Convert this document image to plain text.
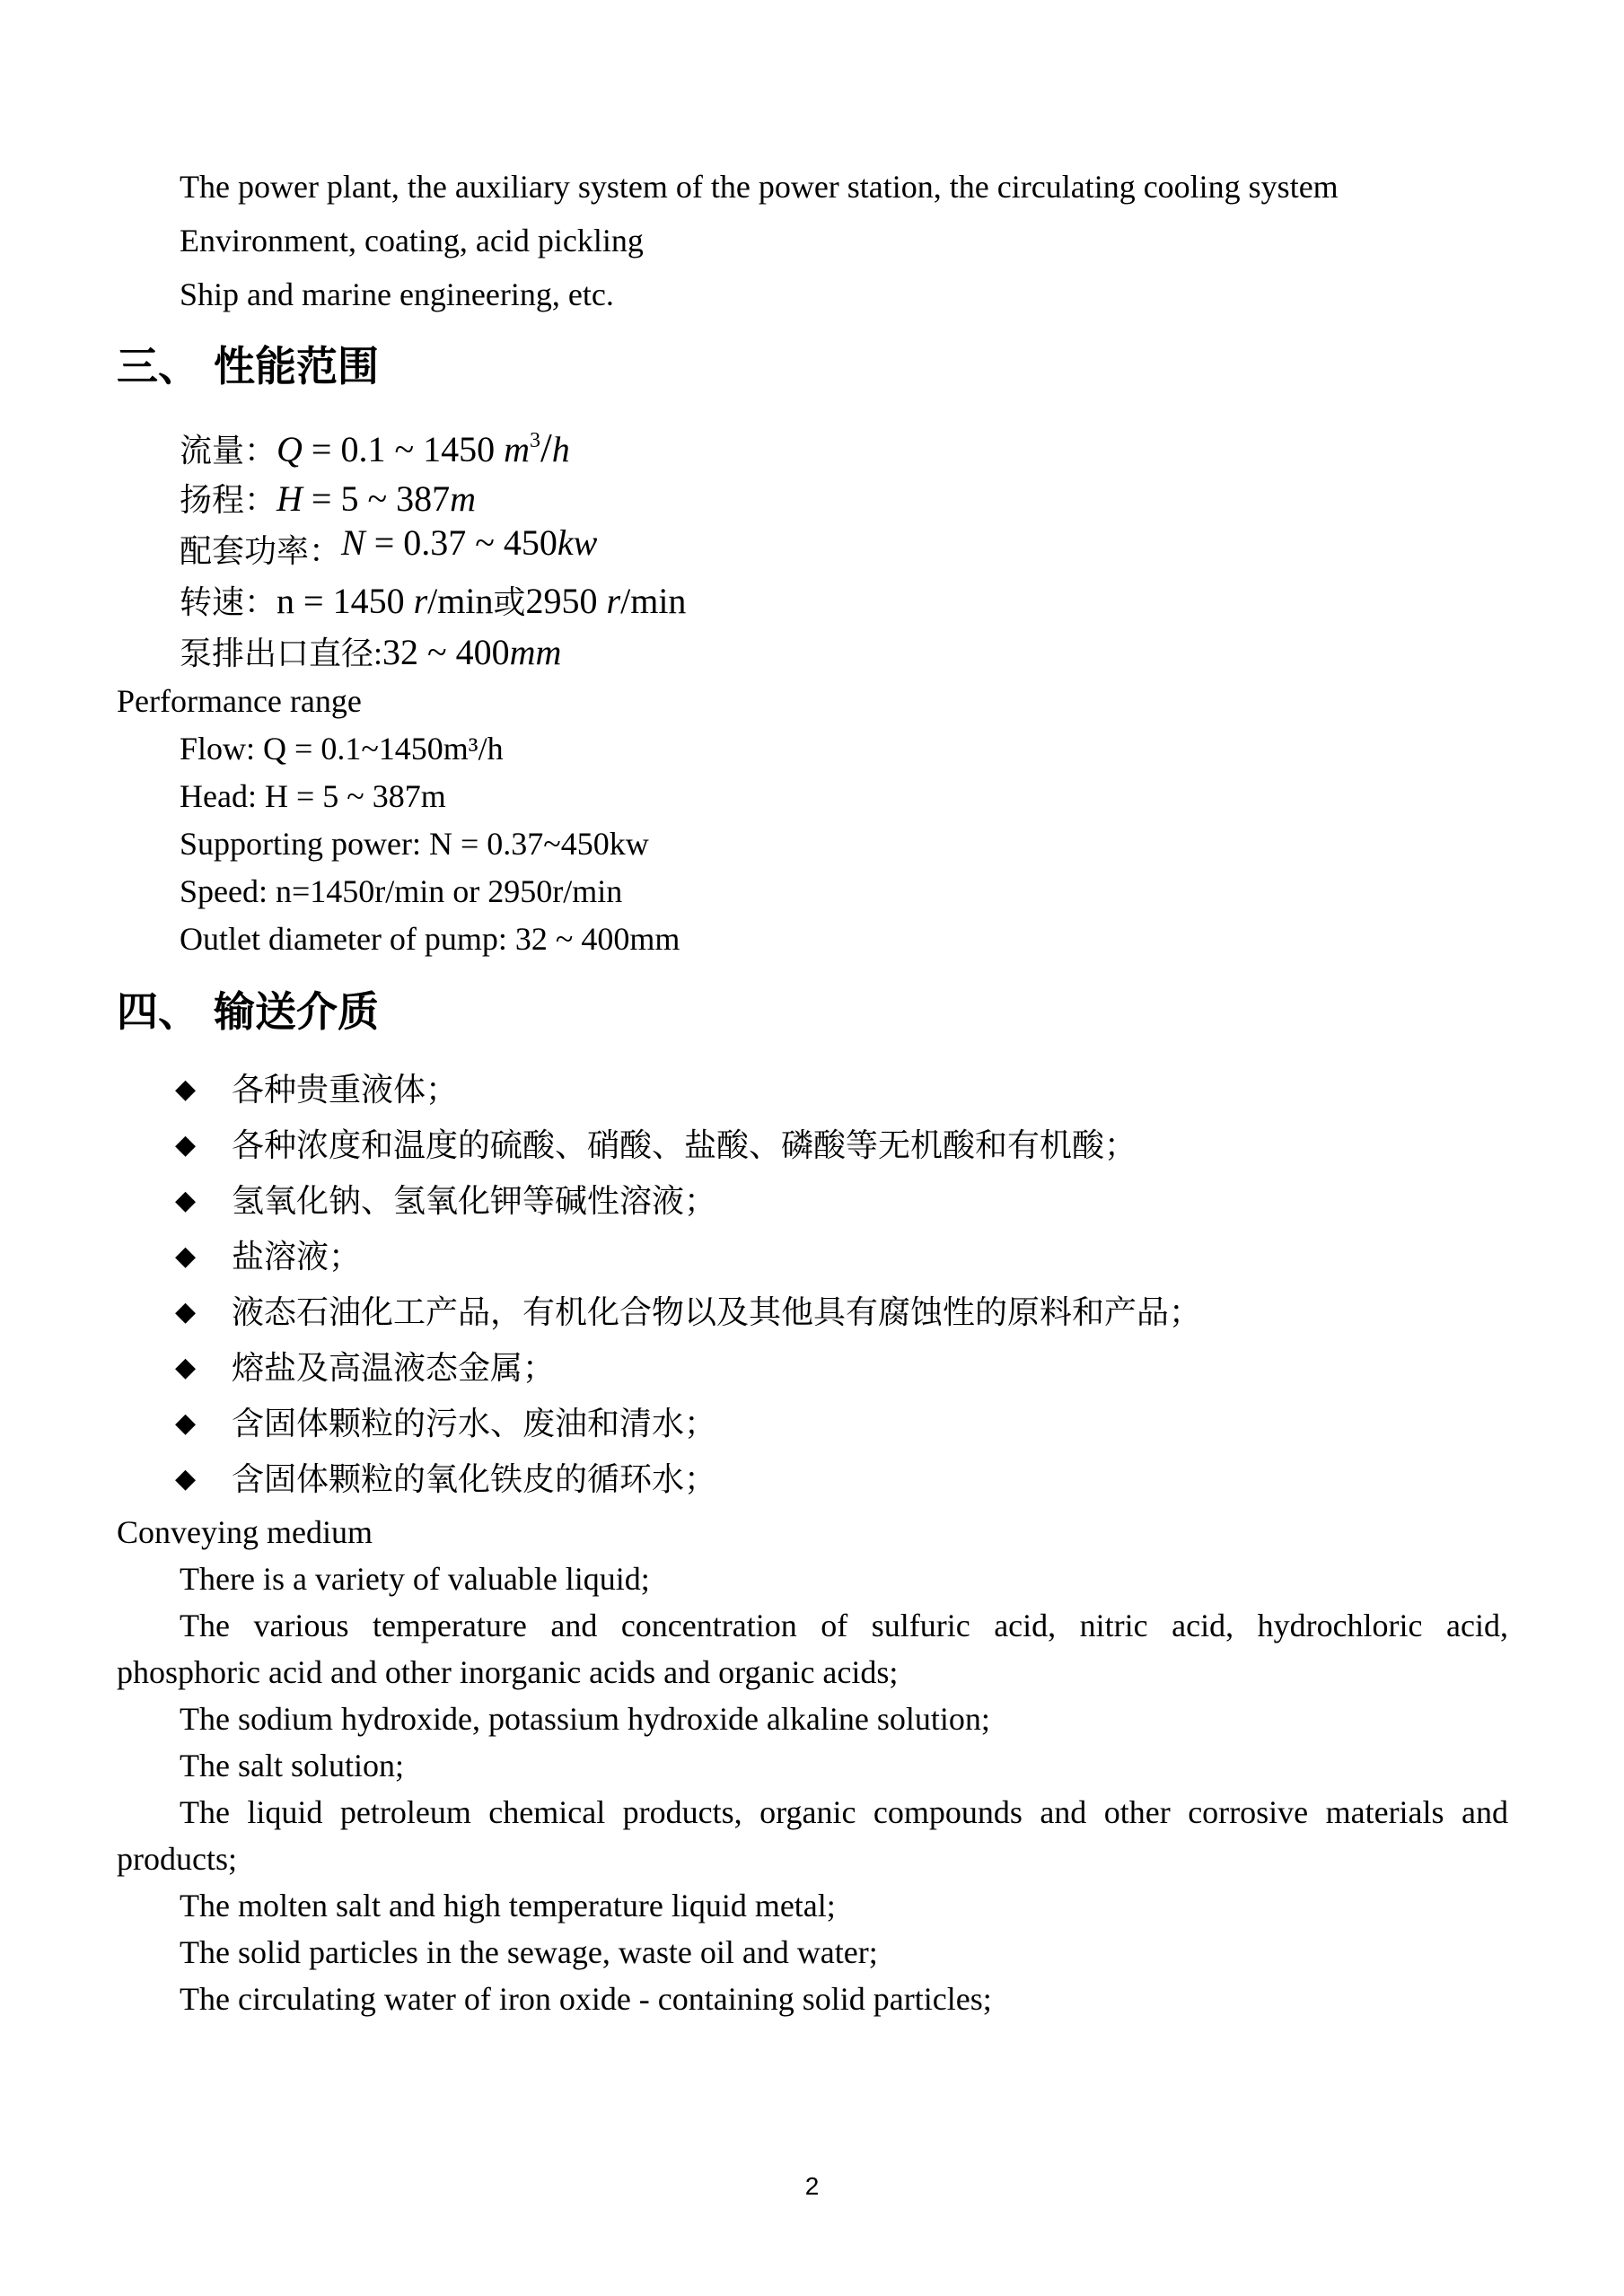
The power plant, the auxiliary system of the power station, the circulating cooling system
Environment, coating, acid pickling
Ship and marine engineering, etc.
三、 性能范围
流量：Q = 0.1 ~ 1450 $m^3/h$
扬程：H = 5 ~ 387m
配套功率：N = 0.37 ~ 450kw
转速：n = 1450 r/min或2950 r/min
泵排出口直径:32 ~ 400mm
Performance range
Flow: Q = 0.1~1450m³/h
Head: H = 5 ~ 387m
Supporting power: N = 0.37~450kw
Speed: n=1450r/min or 2950r/min
Outlet diameter of pump: 32 ~ 400mm
四、 输送介质
◆ 各种贵重液体；
◆ 各种浓度和温度的硫酸、硝酸、盐酸、磷酸等无机酸和有机酸；
◆ 氢氧化钠、氢氧化钾等碱性溶液；
◆ 盐溶液；
◆ 液态石油化工产品，有机化合物以及其他具有腐蚀性的原料和产品；
◆ 熔盐及高温液态金属；
◆ 含固体颗粒的污水、废油和清水；
◆ 含固体颗粒的氧化铁皮的循环水；
Conveying medium
There is a variety of valuable liquid;
The various temperature and concentration of sulfuric acid, nitric acid, hydrochloric acid,
phosphoric acid and other inorganic acids and organic acids;
The sodium hydroxide, potassium hydroxide alkaline solution;
The salt solution;
The liquid petroleum chemical products, organic compounds and other corrosive materials and
products;
The molten salt and high temperature liquid metal;
The solid particles in the sewage, waste oil and water;
The circulating water of iron oxide - containing solid particles;
2
